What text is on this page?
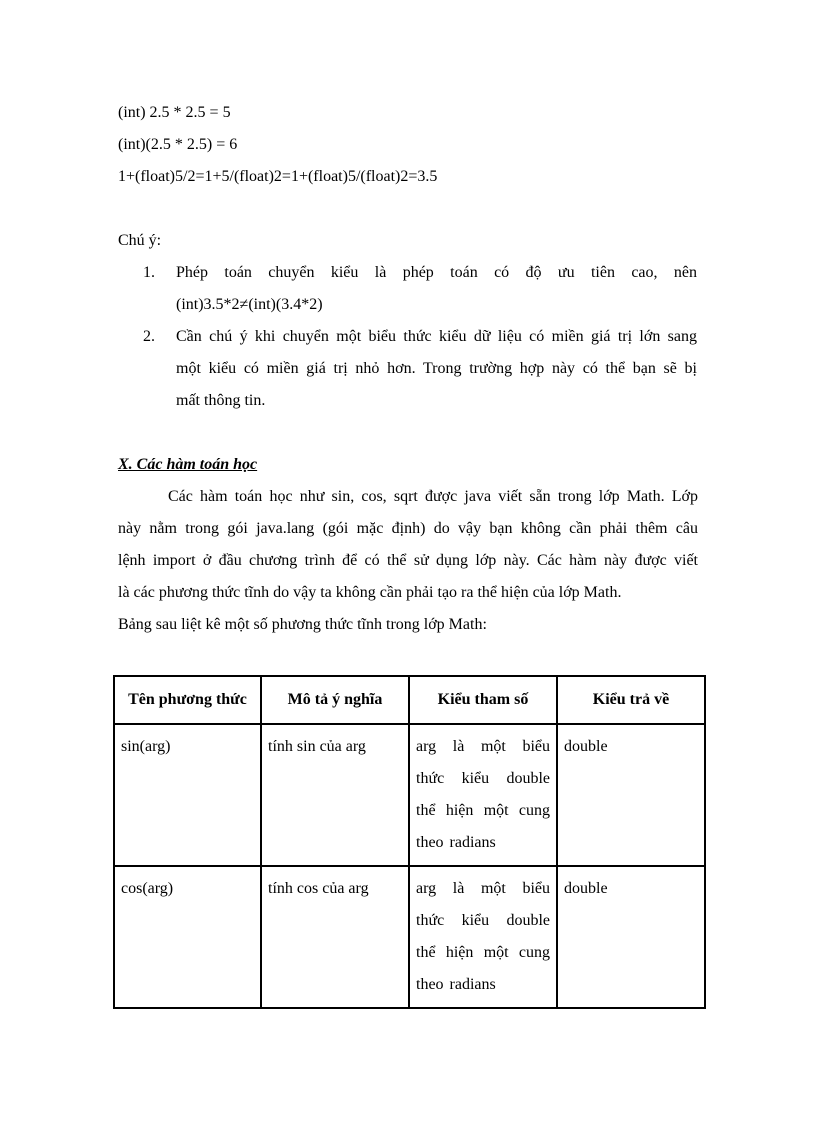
(int) 2.5 * 2.5 = 5
(int)(2.5 * 2.5) = 6
1+(float)5/2=1+5/(float)2=1+(float)5/(float)2=3.5
Chú ý:
1. Phép toán chuyển kiểu là phép toán có độ ưu tiên cao, nên
(int)3.5*2≠(int)(3.4*2)
2. Cần chú ý khi chuyển một biểu thức kiểu dữ liệu có miền giá trị lớn sang
một kiểu có miền giá trị nhỏ hơn. Trong trường hợp này có thể bạn sẽ bị
mất thông tin.
X. Các hàm toán học
Các hàm toán học như sin, cos, sqrt được java viết sẵn trong lớp Math. Lớp
này nằm trong gói java.lang (gói mặc định) do vậy bạn không cần phải thêm câu
lệnh import ở đầu chương trình để có thể sử dụng lớp này. Các hàm này được viết
là các phương thức tĩnh do vậy ta không cần phải tạo ra thể hiện của lớp Math.
Bảng sau liệt kê một số phương thức tĩnh trong lớp Math:
Tên phương thức	Mô tả ý nghĩa	Kiểu tham số	Kiểu trả về

sin(arg)	tính sin của arg	arg là một biểu thức kiểu double thể hiện một cung theo radians	double

cos(arg)	tính cos của arg	arg là một biểu thức kiểu double thể hiện một cung theo radians	double
